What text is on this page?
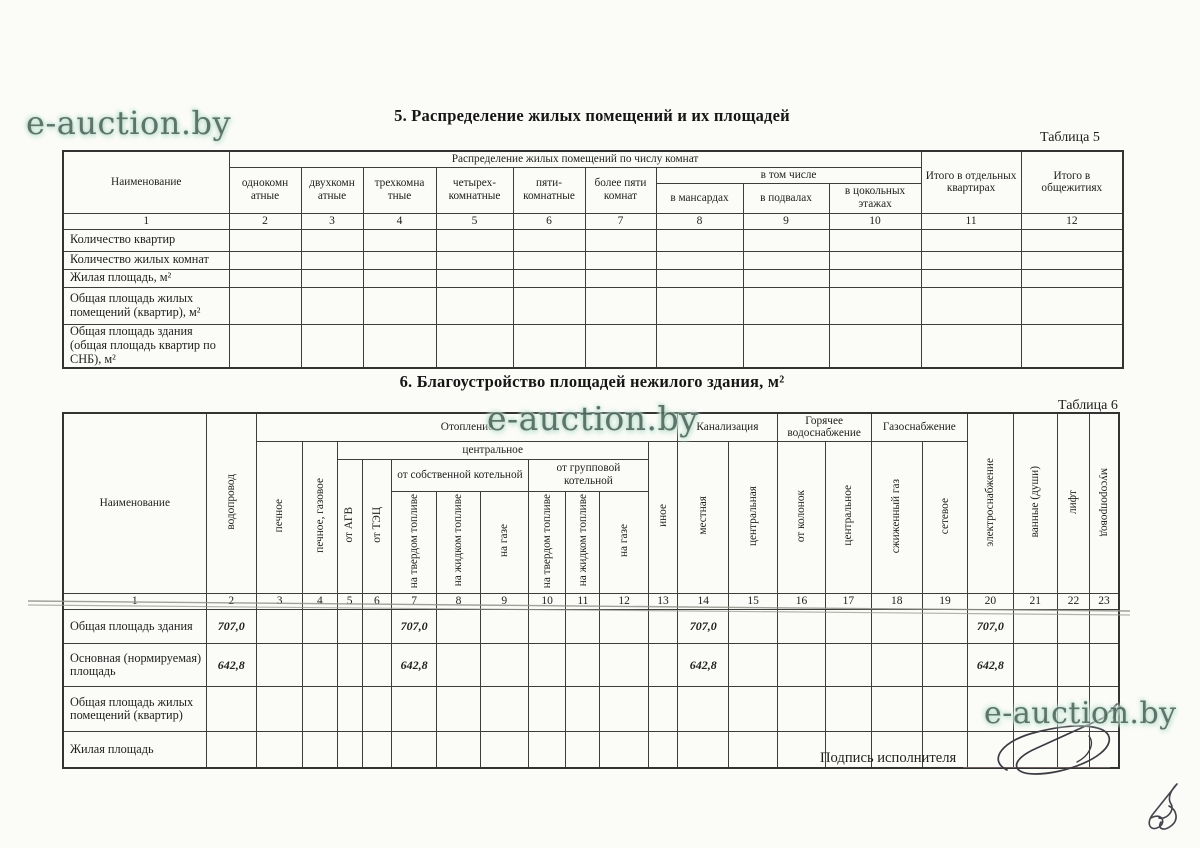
e-auction.by	5. Распределение жилых помещений и их площадей
Таблица 5
Наименование	Распределение жилых помещений по числу комнат									Итого в отдельных квартирах	Итого в общежитиях
	однокомн атные	двухкомн атные	трехкомна тные	четырех-комнатные	пяти-комнатные	более пяти комнат	в том числе				
							в мансардах	в подвалах	в цокольных этажах		
1	2	3	4	5	6	7	8	9	10	11	12
Количество квартир											
Количество жилых комнат											
Жилая площадь, м²											
Общая площадь жилых помещений (квартир), м²											
Общая площадь здания (общая площадь квартир по СНБ), м²											
6. Благоустройство площадей нежилого здания, м²
Таблица 6
e-auction.by
Наименование	водопровод	Отопление											Канализация		Горячее водоснабжение		Газоснабжение		электроснабжение	ванные (души)	лифт	мусоропровод
		печное	печное, газовое	центральное								иное	местная	центральная	от колонок	центральное	сжиженный газ	сетевое				
				от АГВ	от ТЭЦ	от собственной котельной			от групповой котельной													
						на твердом топливе	на жидком топливе	на газе	на твердом топливе	на жидком топливе	на газе											
1	2	3	4	5	6	7	8	9	10	11	12	13	14	15	16	17	18	19	20	21	22	23
Общая площадь здания	707,0					707,0							707,0						707,0			
Основная (нормируемая) площадь	642,8					642,8							642,8						642,8			
Общая площадь жилых помещений (квартир)																						
Жилая площадь																						
Подпись исполнителя
e-auction.by
